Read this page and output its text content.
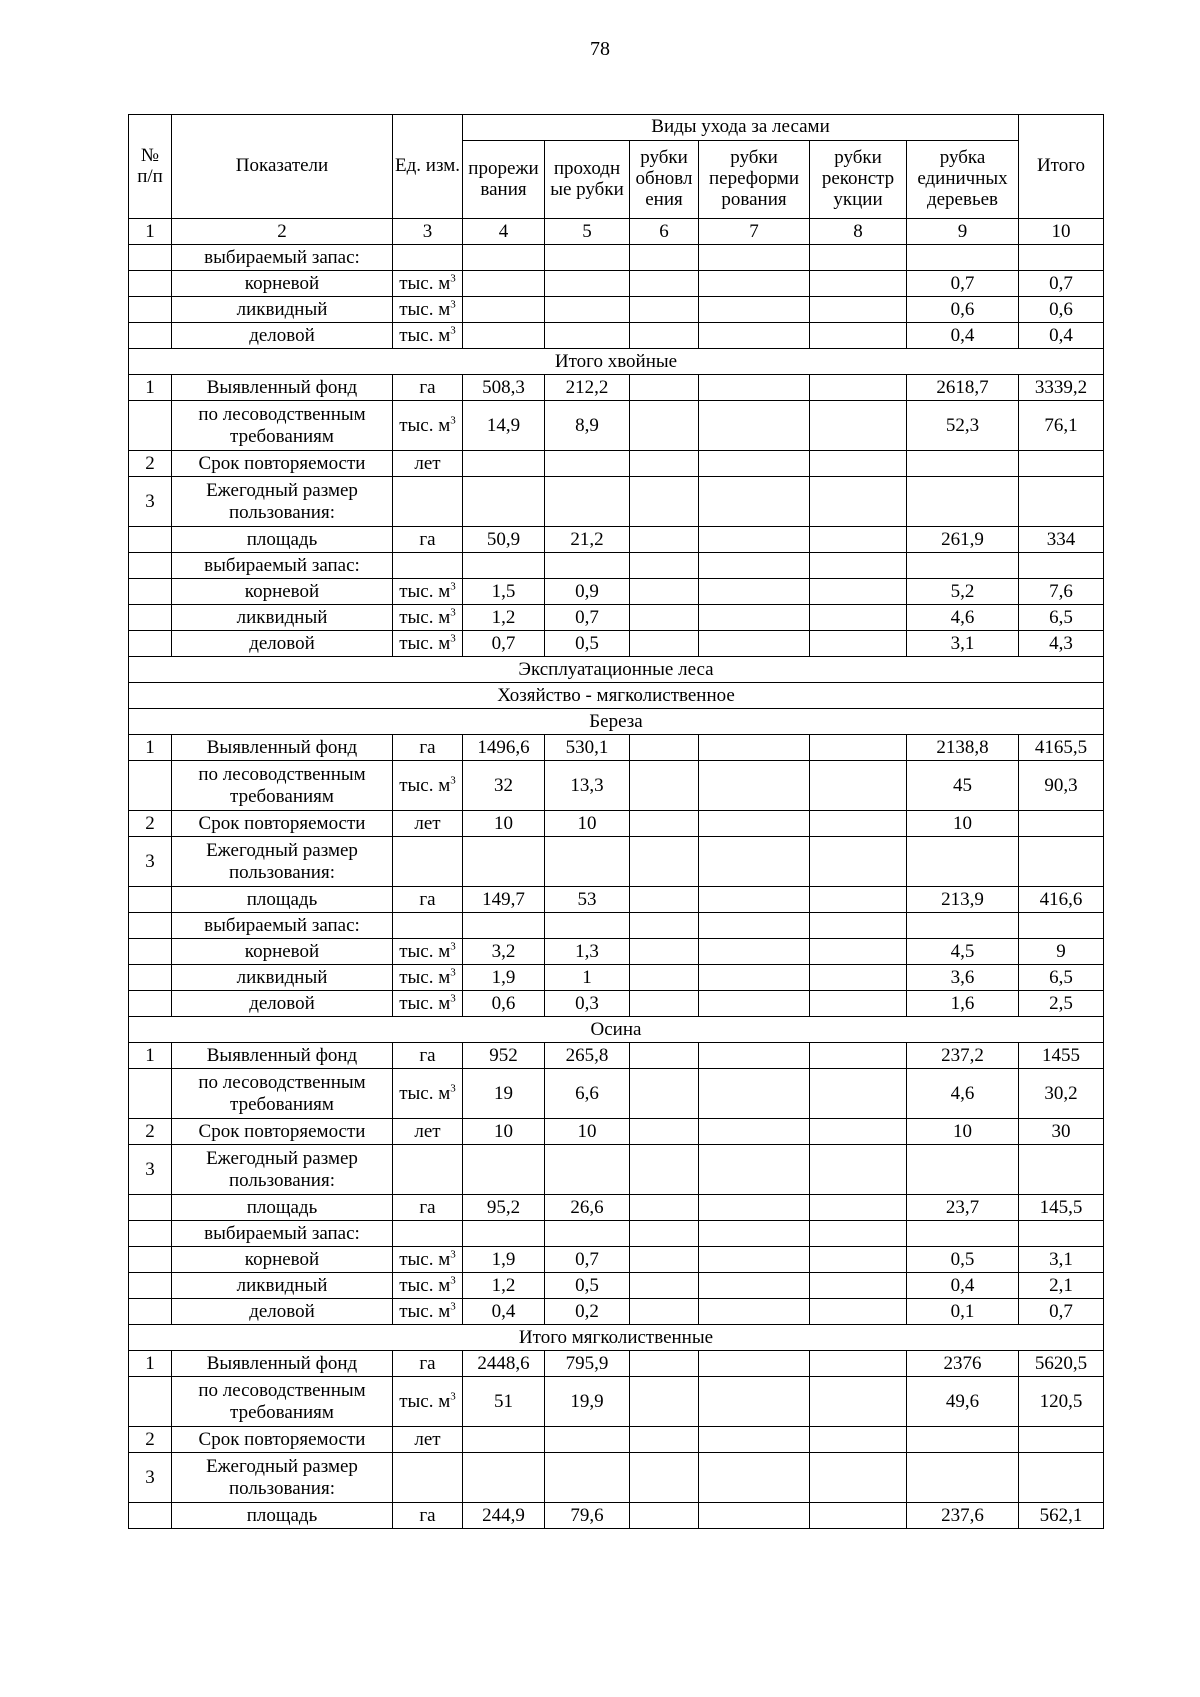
78
№ п/п	Показатели	Ед. изм.	Виды ухода за лесами						Итого
			прорежи вания	проходн ые рубки	рубки обновл ения	рубки переформи рования	рубки реконстр укции	рубка единичных деревьев	
1	2	3	4	5	6	7	8	9	10
	выбираемый запас:								
	корневой	тыс. $м^3$						0,7	0,7
	ликвидный	тыс. $м^3$						0,6	0,6
	деловой	тыс. $м^3$						0,4	0,4
Итого хвойные									
1	Выявленный фонд	га	508,3	212,2				2618,7	3339,2
	по лесоводственным требованиям	тыс. $м^3$	14,9	8,9				52,3	76,1
2	Срок повторяемости	лет							
3	Ежегодный размер пользования:								
	площадь	га	50,9	21,2				261,9	334
	выбираемый запас:								
	корневой	тыс. $м^3$	1,5	0,9				5,2	7,6
	ликвидный	тыс. $м^3$	1,2	0,7				4,6	6,5
	деловой	тыс. $м^3$	0,7	0,5				3,1	4,3
Эксплуатационные леса									
Хозяйство - мягколиственное									
Береза									
1	Выявленный фонд	га	1496,6	530,1				2138,8	4165,5
	по лесоводственным требованиям	тыс. $м^3$	32	13,3				45	90,3
2	Срок повторяемости	лет	10	10				10	
3	Ежегодный размер пользования:								
	площадь	га	149,7	53				213,9	416,6
	выбираемый запас:								
	корневой	тыс. $м^3$	3,2	1,3				4,5	9
	ликвидный	тыс. $м^3$	1,9	1				3,6	6,5
	деловой	тыс. $м^3$	0,6	0,3				1,6	2,5
Осина									
1	Выявленный фонд	га	952	265,8				237,2	1455
	по лесоводственным требованиям	тыс. $м^3$	19	6,6				4,6	30,2
2	Срок повторяемости	лет	10	10				10	30
3	Ежегодный размер пользования:								
	площадь	га	95,2	26,6				23,7	145,5
	выбираемый запас:								
	корневой	тыс. $м^3$	1,9	0,7				0,5	3,1
	ликвидный	тыс. $м^3$	1,2	0,5				0,4	2,1
	деловой	тыс. $м^3$	0,4	0,2				0,1	0,7
Итого мягколиственные									
1	Выявленный фонд	га	2448,6	795,9				2376	5620,5
	по лесоводственным требованиям	тыс. $м^3$	51	19,9				49,6	120,5
2	Срок повторяемости	лет							
3	Ежегодный размер пользования:								
	площадь	га	244,9	79,6				237,6	562,1
